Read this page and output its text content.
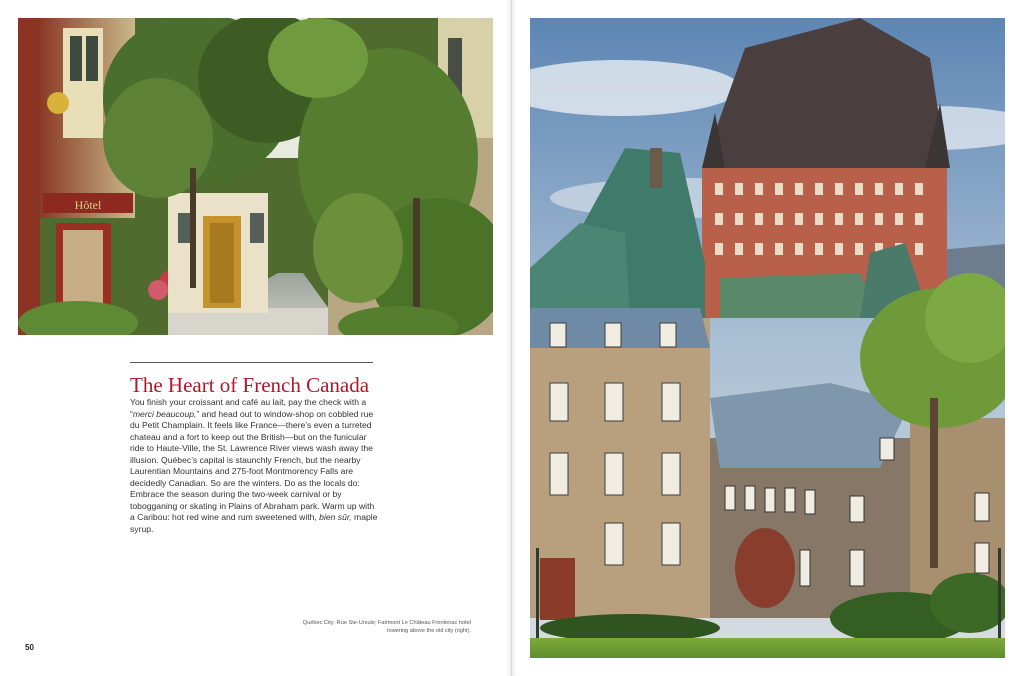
Hôtel
The Heart of French Canada

You finish your croissant and café au lait, pay the check with a “merci beaucoup,” and head out to window-shop on cobbled rue du Petit Champlain. It feels like France—there’s even a turreted chateau and a fort to keep out the British—but on the funicular ride to Haute-Ville, the St. Lawrence River views wash away the illusion. Québec’s capital is staunchly French, but the nearby Laurentian Mountains and 275-foot Montmorency Falls are decidedly Canadian. So are the winters. Do as the locals do: Embrace the season during the two-week carnival or by tobogganing or skating in Plains of Abraham park. Warm up with a Caribou: hot red wine and rum sweetened with, bien sûr, maple syrup.

Québec City: Rue Ste-Ursule; Fairmont Le Château Frontenac hotel towering above the old city (right).

50
